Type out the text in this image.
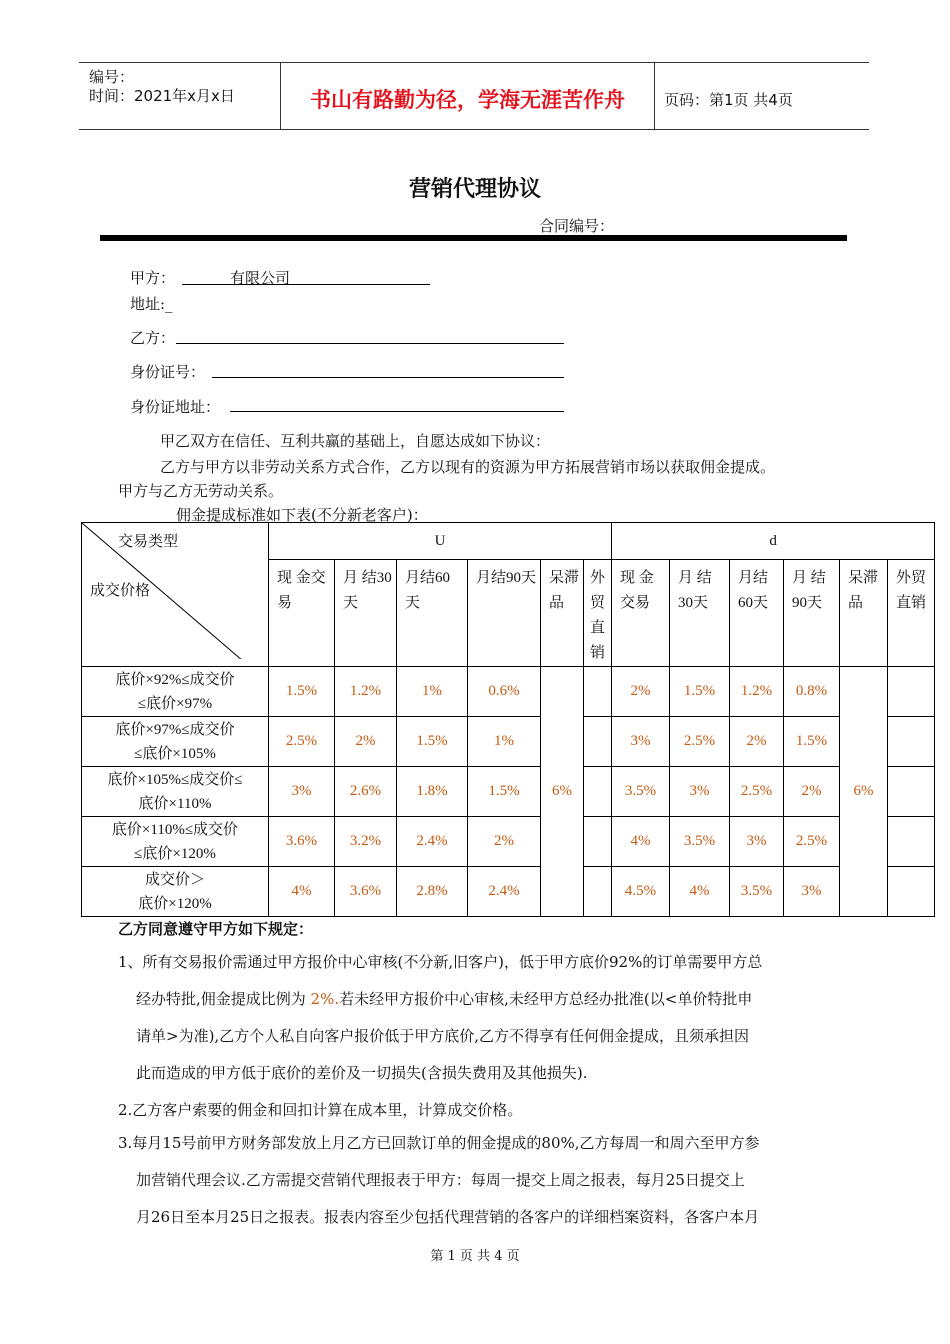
编号：
时间：2021年x月x日	书山有路勤为径，学海无涯苦作舟	页码：第1页 共4页
营销代理协议
合同编号：
甲方：	有限公司
地址:_
乙方：
身份证号：
身份证地址：
甲乙双方在信任、互利共赢的基础上，自愿达成如下协议：
乙方与甲方以非劳动关系方式合作，乙方以现有的资源为甲方拓展营销市场以获取佣金提成。
甲方与乙方无劳动关系。
佣金提成标准如下表(不分新老客户)：
交易类型
成交价格	U						d					
	现 金交易	月 结30天	月结60天	月结90天	呆滞品	外贸直销	现 金交易	月 结30天	月结60天	月 结90天	呆滞品	外贸直销
底价×92%≤成交价
≤底价×97%	1.5%	1.2%	1%	0.6%	6%		2%	1.5%	1.2%	0.8%	6%	
底价×97%≤成交价
≤底价×105%	2.5%	2%	1.5%	1%			3%	2.5%	2%	1.5%		
底价×105%≤成交价≤
底价×110%	3%	2.6%	1.8%	1.5%			3.5%	3%	2.5%	2%		
底价×110%≤成交价
≤底价×120%	3.6%	3.2%	2.4%	2%			4%	3.5%	3%	2.5%		
成交价＞
底价×120%	4%	3.6%	2.8%	2.4%			4.5%	4%	3.5%	3%		
乙方同意遵守甲方如下规定：
1、所有交易报价需通过甲方报价中心审核(不分新,旧客户)，低于甲方底价92%的订单需要甲方总
经办特批,佣金提成比例为 2%.若未经甲方报价中心审核,未经甲方总经办批准(以<单价特批申
请单>为准),乙方个人私自向客户报价低于甲方底价,乙方不得享有任何佣金提成，且须承担因
此而造成的甲方低于底价的差价及一切损失(含损失费用及其他损失).
2.乙方客户索要的佣金和回扣计算在成本里，计算成交价格。
3.每月15号前甲方财务部发放上月乙方已回款订单的佣金提成的80%,乙方每周一和周六至甲方参
加营销代理会议.乙方需提交营销代理报表于甲方：每周一提交上周之报表，每月25日提交上
月26日至本月25日之报表。报表内容至少包括代理营销的各客户的详细档案资料，各客户本月
第 1 页 共 4 页
